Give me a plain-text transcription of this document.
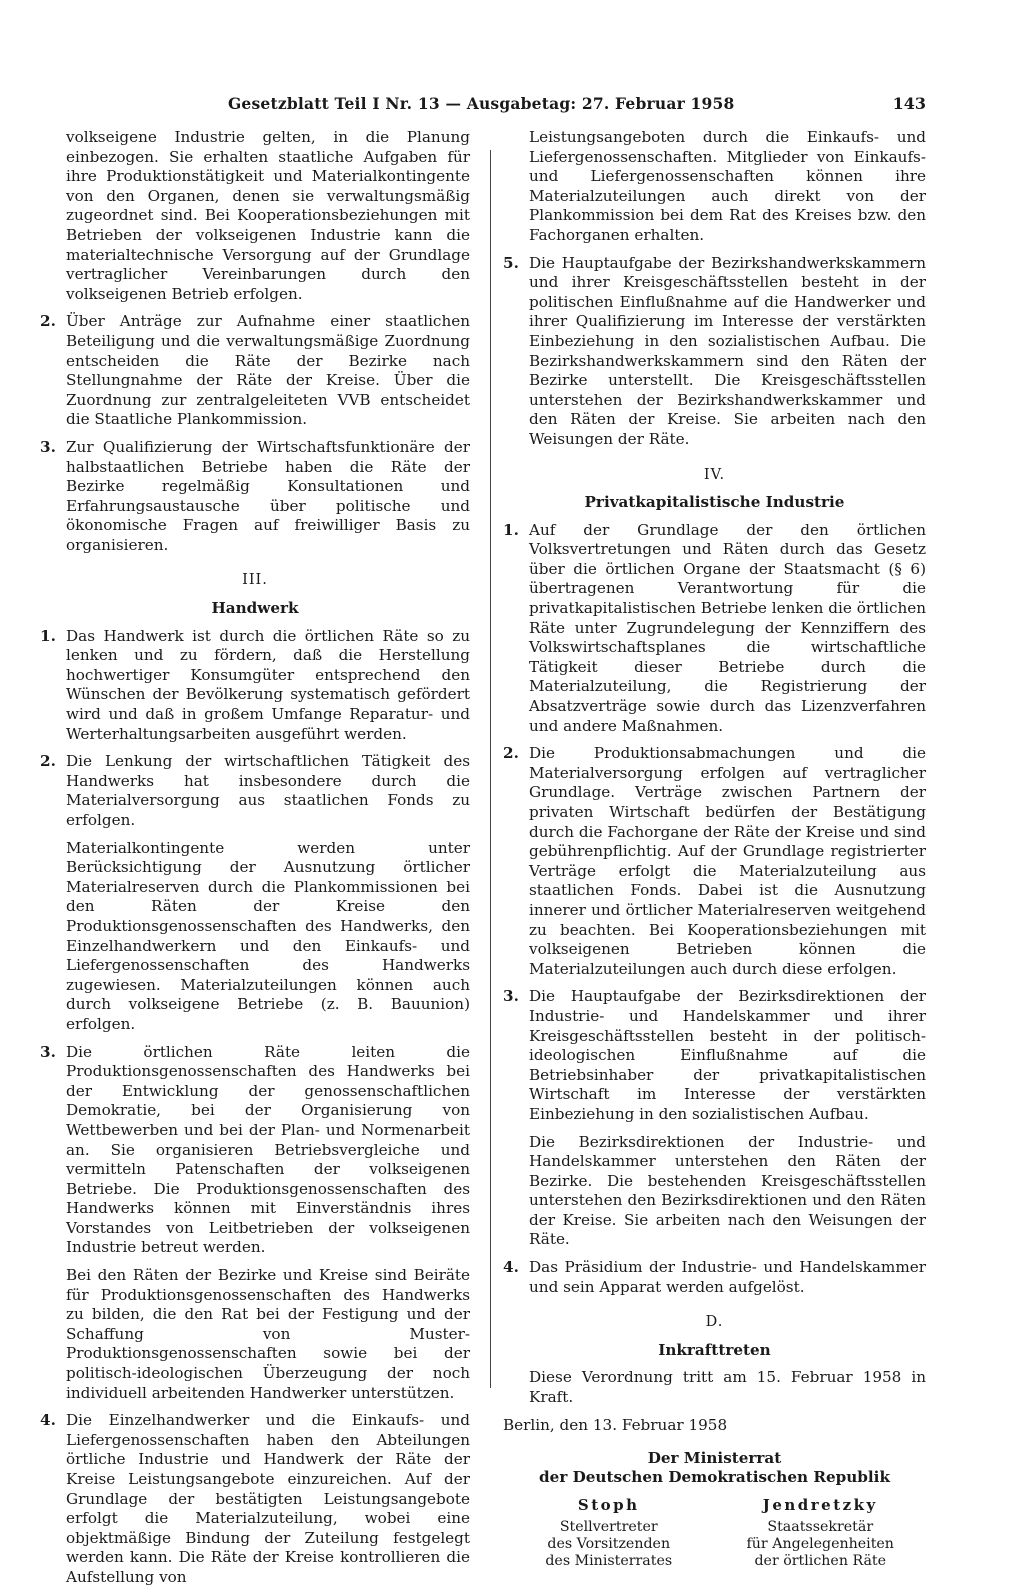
Gesetzblatt Teil I Nr. 13 — Ausgabetag: 27. Februar 1958	143

volkseigene Industrie gelten, in die Planung einbezogen. Sie erhalten staatliche Aufgaben für ihre Produktionstätigkeit und Materialkontingente von den Organen, denen sie verwaltungsmäßig zugeordnet sind. Bei Kooperationsbeziehungen mit Betrieben der volkseigenen Industrie kann die materialtechnische Versorgung auf der Grundlage vertraglicher Vereinbarungen durch den volkseigenen Betrieb erfolgen.

2. Über Anträge zur Aufnahme einer staatlichen Beteiligung und die verwaltungsmäßige Zuordnung entscheiden die Räte der Bezirke nach Stellungnahme der Räte der Kreise. Über die Zuordnung zur zentralgeleiteten VVB entscheidet die Staatliche Plankommission.

3. Zur Qualifizierung der Wirtschaftsfunktionäre der halbstaatlichen Betriebe haben die Räte der Bezirke regelmäßig Konsultationen und Erfahrungsaustausche über politische und ökonomische Fragen auf freiwilliger Basis zu organisieren.

III.
Handwerk
1. Das Handwerk ist durch die örtlichen Räte so zu lenken und zu fördern, daß die Herstellung hochwertiger Konsumgüter entsprechend den Wünschen der Bevölkerung systematisch gefördert wird und daß in großem Umfange Reparatur- und Werterhaltungsarbeiten ausgeführt werden.

2. Die Lenkung der wirtschaftlichen Tätigkeit des Handwerks hat insbesondere durch die Materialversorgung aus staatlichen Fonds zu erfolgen.

Materialkontingente werden unter Berücksichtigung der Ausnutzung örtlicher Materialreserven durch die Plankommissionen bei den Räten der Kreise den Produktionsgenossenschaften des Handwerks, den Einzelhandwerkern und den Einkaufs- und Liefergenossenschaften des Handwerks zugewiesen. Materialzuteilungen können auch durch volkseigene Betriebe (z. B. Bauunion) erfolgen.

3. Die örtlichen Räte leiten die Produktionsgenossenschaften des Handwerks bei der Entwicklung der genossenschaftlichen Demokratie, bei der Organisierung von Wettbewerben und bei der Plan- und Normenarbeit an. Sie organisieren Betriebsvergleiche und vermitteln Patenschaften der volkseigenen Betriebe. Die Produktionsgenossenschaften des Handwerks können mit Einverständnis ihres Vorstandes von Leitbetrieben der volkseigenen Industrie betreut werden.

Bei den Räten der Bezirke und Kreise sind Beiräte für Produktionsgenossenschaften des Handwerks zu bilden, die den Rat bei der Festigung und der Schaffung von Muster-Produktionsgenossenschaften sowie bei der politisch-ideologischen Überzeugung der noch individuell arbeitenden Handwerker unterstützen.

4. Die Einzelhandwerker und die Einkaufs- und Liefergenossenschaften haben den Abteilungen örtliche Industrie und Handwerk der Räte der Kreise Leistungsangebote einzureichen. Auf der Grundlage der bestätigten Leistungsangebote erfolgt die Materialzuteilung, wobei eine objektmäßige Bindung der Zuteilung festgelegt werden kann. Die Räte der Kreise kontrollieren die Aufstellung von

Leistungsangeboten durch die Einkaufs- und Liefergenossenschaften. Mitglieder von Einkaufs- und Liefergenossenschaften können ihre Materialzuteilungen auch direkt von der Plankommission bei dem Rat des Kreises bzw. den Fachorganen erhalten.

5. Die Hauptaufgabe der Bezirkshandwerkskammern und ihrer Kreisgeschäftsstellen besteht in der politischen Einflußnahme auf die Handwerker und ihrer Qualifizierung im Interesse der verstärkten Einbeziehung in den sozialistischen Aufbau. Die Bezirkshandwerkskammern sind den Räten der Bezirke unterstellt. Die Kreisgeschäftsstellen unterstehen der Bezirkshandwerkskammer und den Räten der Kreise. Sie arbeiten nach den Weisungen der Räte.

IV.
Privatkapitalistische Industrie
1. Auf der Grundlage der den örtlichen Volksvertretungen und Räten durch das Gesetz über die örtlichen Organe der Staatsmacht (§ 6) übertragenen Verantwortung für die privatkapitalistischen Betriebe lenken die örtlichen Räte unter Zugrundelegung der Kennziffern des Volkswirtschaftsplanes die wirtschaftliche Tätigkeit dieser Betriebe durch die Materialzuteilung, die Registrierung der Absatzverträge sowie durch das Lizenzverfahren und andere Maßnahmen.

2. Die Produktionsabmachungen und die Materialversorgung erfolgen auf vertraglicher Grundlage. Verträge zwischen Partnern der privaten Wirtschaft bedürfen der Bestätigung durch die Fachorgane der Räte der Kreise und sind gebührenpflichtig. Auf der Grundlage registrierter Verträge erfolgt die Materialzuteilung aus staatlichen Fonds. Dabei ist die Ausnutzung innerer und örtlicher Materialreserven weitgehend zu beachten. Bei Kooperationsbeziehungen mit volkseigenen Betrieben können die Materialzuteilungen auch durch diese erfolgen.

3. Die Hauptaufgabe der Bezirksdirektionen der Industrie- und Handelskammer und ihrer Kreisgeschäftsstellen besteht in der politisch-ideologischen Einflußnahme auf die Betriebsinhaber der privatkapitalistischen Wirtschaft im Interesse der verstärkten Einbeziehung in den sozialistischen Aufbau.

Die Bezirksdirektionen der Industrie- und Handelskammer unterstehen den Räten der Bezirke. Die bestehenden Kreisgeschäftsstellen unterstehen den Bezirksdirektionen und den Räten der Kreise. Sie arbeiten nach den Weisungen der Räte.

4. Das Präsidium der Industrie- und Handelskammer und sein Apparat werden aufgelöst.

D.
Inkrafttreten

Diese Verordnung tritt am 15. Februar 1958 in Kraft.

Berlin, den 13. Februar 1958

Der Ministerrat
der Deutschen Demokratischen Republik
Stoph
Stellvertreter
des Vorsitzenden
des Ministerrates
Jendretzky
Staatssekretär
für Angelegenheiten
der örtlichen Räte
